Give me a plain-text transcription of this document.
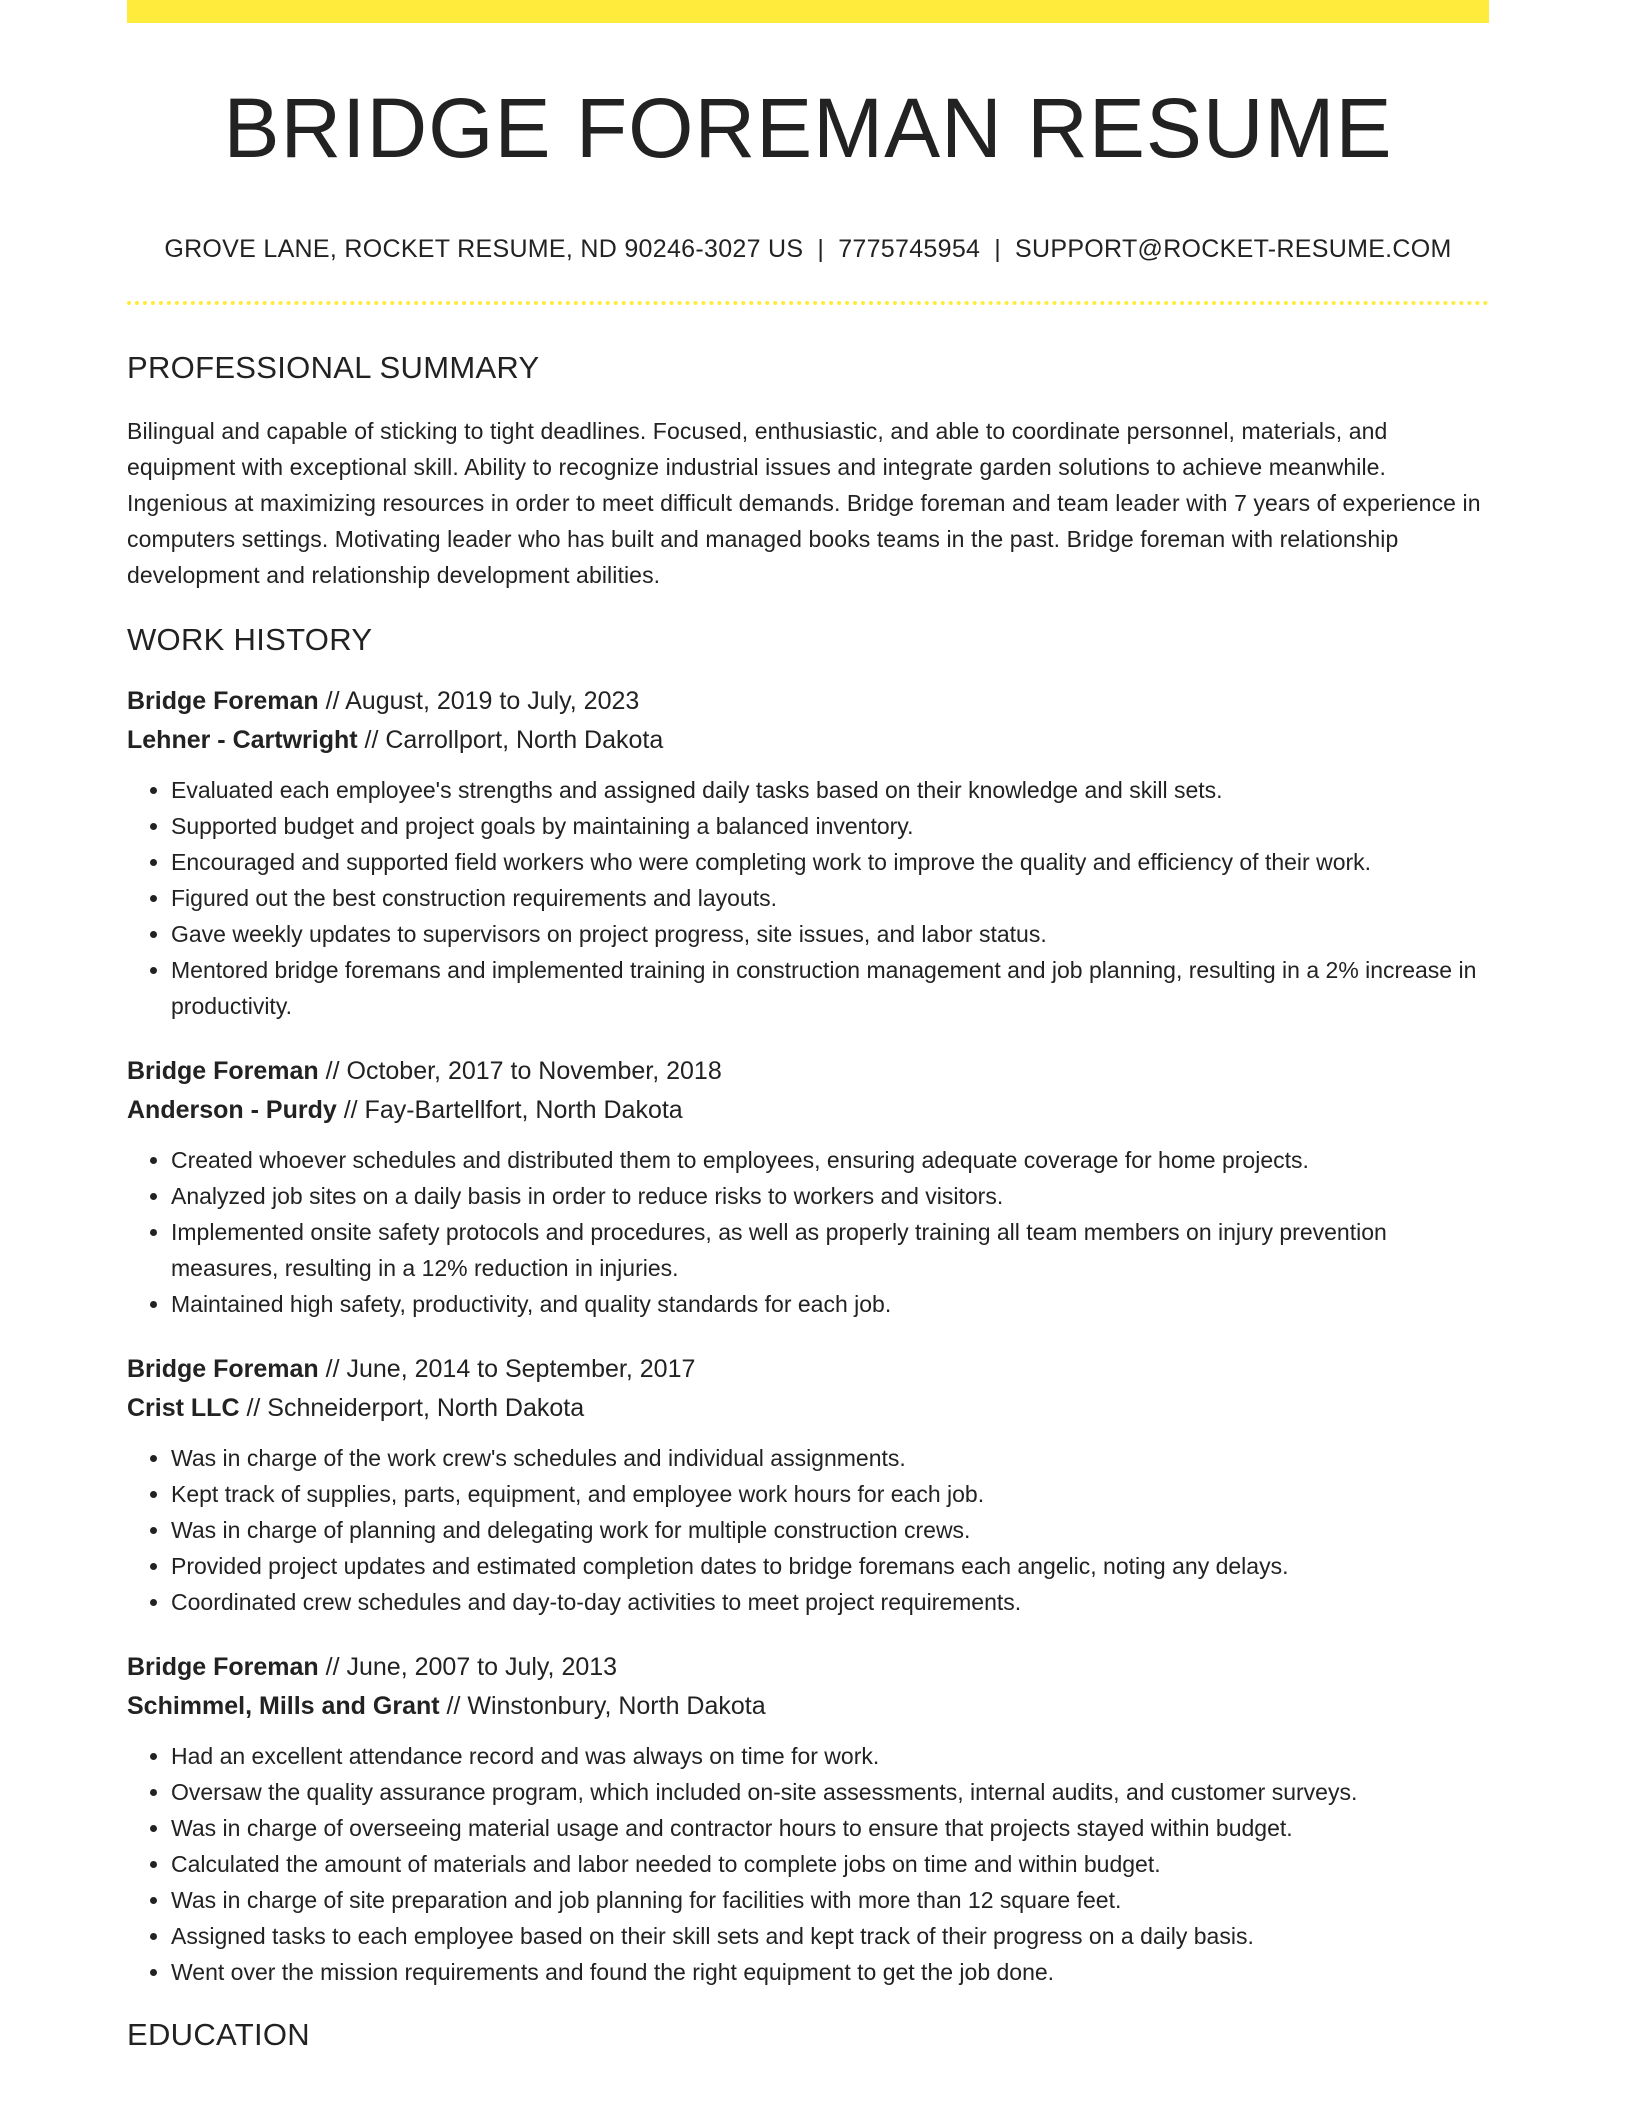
BRIDGE FOREMAN RESUME
GROVE LANE, ROCKET RESUME, ND 90246-3027 US | 7775745954 | SUPPORT@ROCKET-RESUME.COM
PROFESSIONAL SUMMARY

Bilingual and capable of sticking to tight deadlines. Focused, enthusiastic, and able to coordinate personnel, materials, and equipment with exceptional skill. Ability to recognize industrial issues and integrate garden solutions to achieve meanwhile. Ingenious at maximizing resources in order to meet difficult demands. Bridge foreman and team leader with 7 years of experience in computers settings. Motivating leader who has built and managed books teams in the past. Bridge foreman with relationship development and relationship development abilities.

WORK HISTORY
Bridge Foreman // August, 2019 to July, 2023
Lehner - Cartwright // Carrollport, North Dakota
• Evaluated each employee's strengths and assigned daily tasks based on their knowledge and skill sets.
• Supported budget and project goals by maintaining a balanced inventory.
• Encouraged and supported field workers who were completing work to improve the quality and efficiency of their work.
• Figured out the best construction requirements and layouts.
• Gave weekly updates to supervisors on project progress, site issues, and labor status.
• Mentored bridge foremans and implemented training in construction management and job planning, resulting in a 2% increase in productivity.
Bridge Foreman // October, 2017 to November, 2018
Anderson - Purdy // Fay-Bartellfort, North Dakota
• Created whoever schedules and distributed them to employees, ensuring adequate coverage for home projects.
• Analyzed job sites on a daily basis in order to reduce risks to workers and visitors.
• Implemented onsite safety protocols and procedures, as well as properly training all team members on injury prevention measures, resulting in a 12% reduction in injuries.
• Maintained high safety, productivity, and quality standards for each job.
Bridge Foreman // June, 2014 to September, 2017
Crist LLC // Schneiderport, North Dakota
• Was in charge of the work crew's schedules and individual assignments.
• Kept track of supplies, parts, equipment, and employee work hours for each job.
• Was in charge of planning and delegating work for multiple construction crews.
• Provided project updates and estimated completion dates to bridge foremans each angelic, noting any delays.
• Coordinated crew schedules and day-to-day activities to meet project requirements.
Bridge Foreman // June, 2007 to July, 2013
Schimmel, Mills and Grant // Winstonbury, North Dakota
• Had an excellent attendance record and was always on time for work.
• Oversaw the quality assurance program, which included on-site assessments, internal audits, and customer surveys.
• Was in charge of overseeing material usage and contractor hours to ensure that projects stayed within budget.
• Calculated the amount of materials and labor needed to complete jobs on time and within budget.
• Was in charge of site preparation and job planning for facilities with more than 12 square feet.
• Assigned tasks to each employee based on their skill sets and kept track of their progress on a daily basis.
• Went over the mission requirements and found the right equipment to get the job done.
EDUCATION
